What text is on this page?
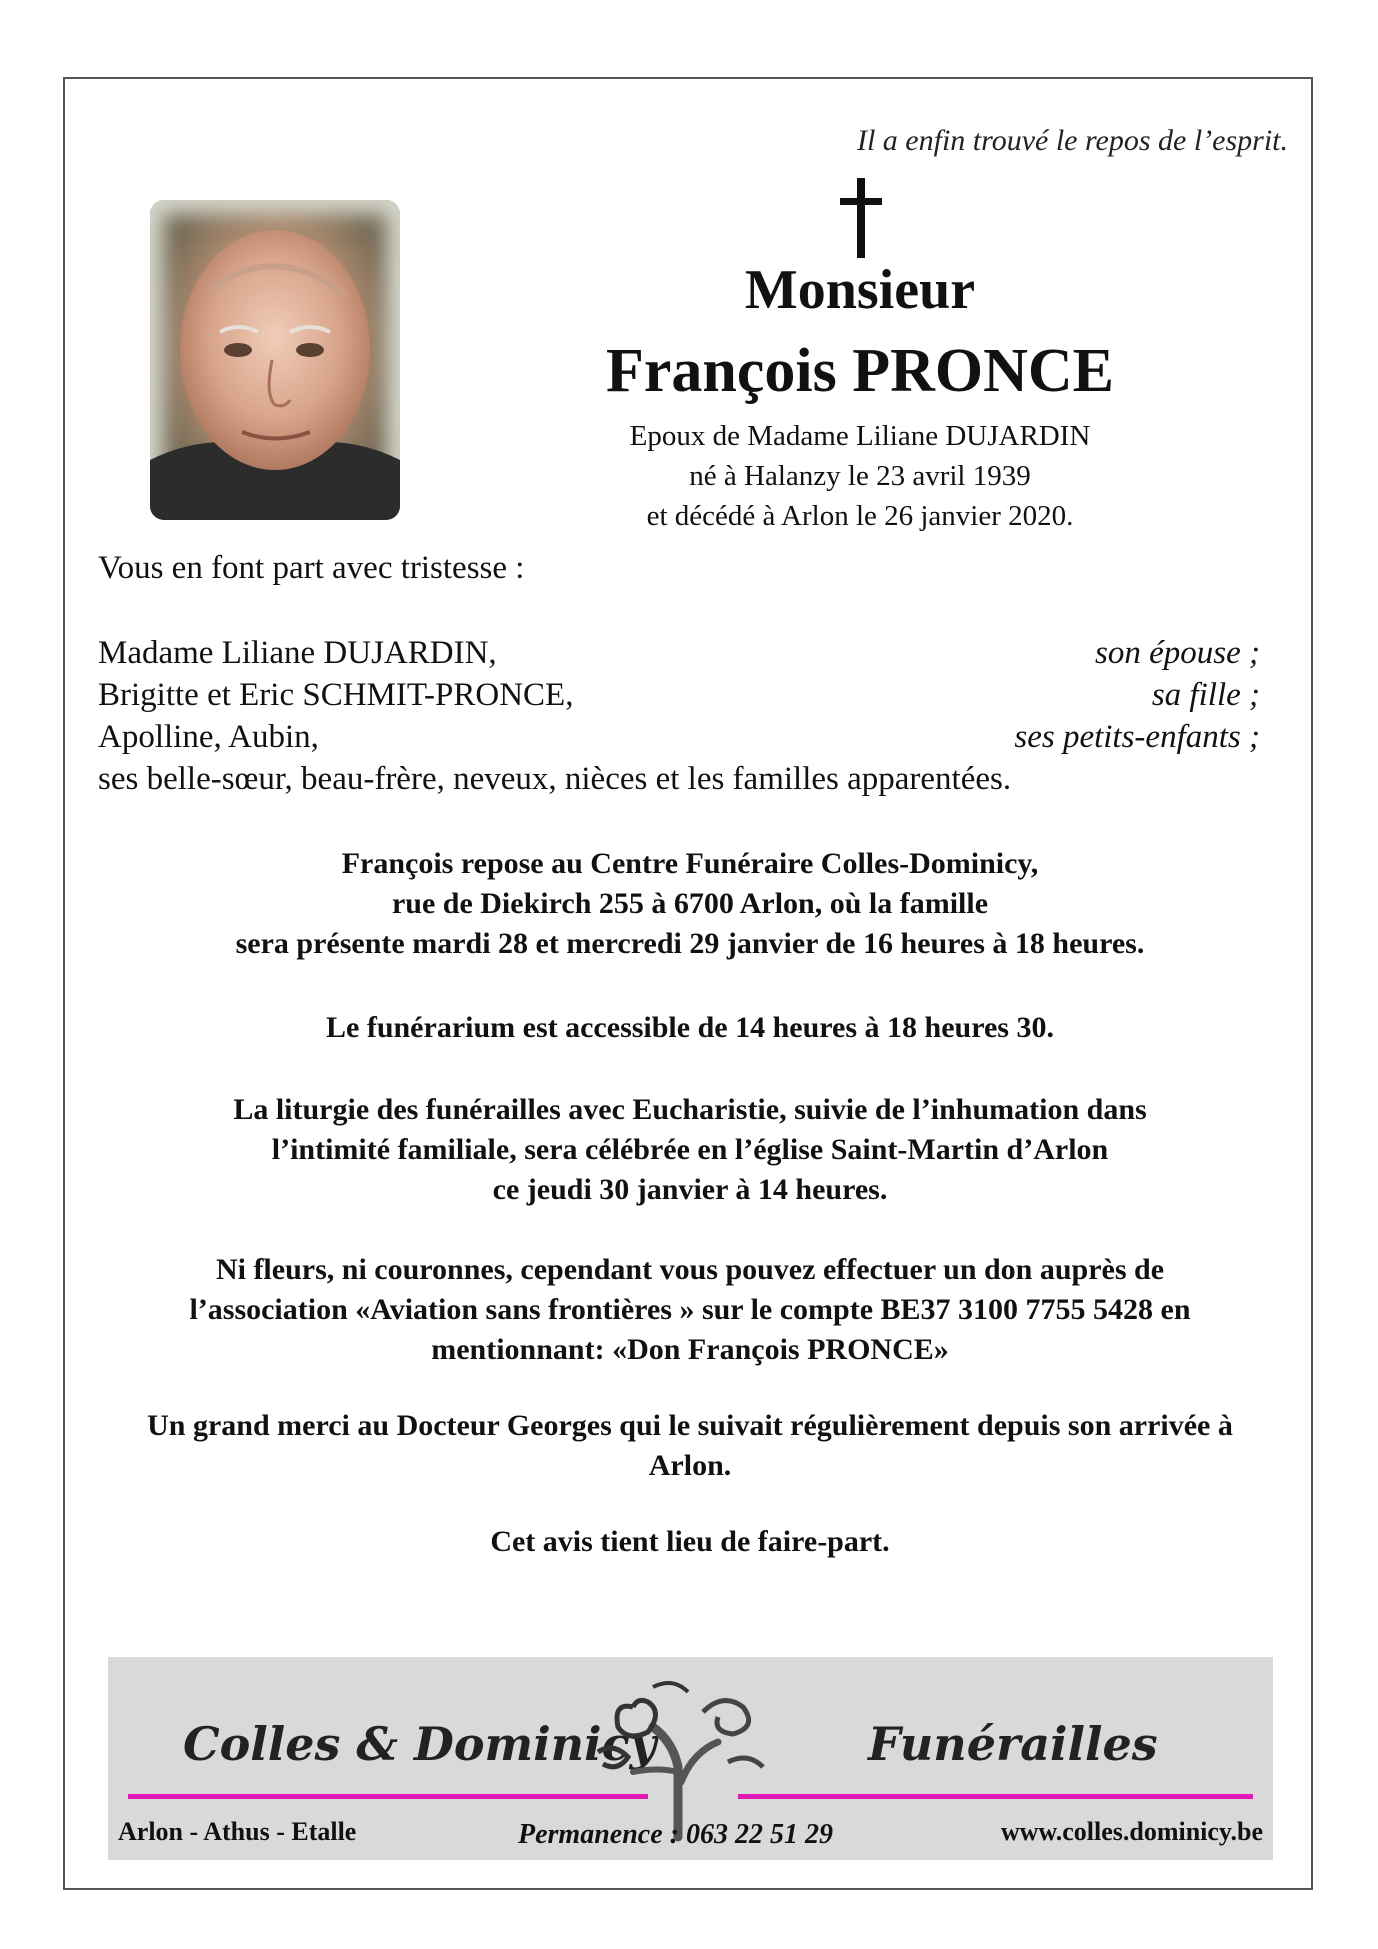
Il a enfin trouvé le repos de l’esprit.
Monsieur
François PRONCE
Epoux de Madame Liliane DUJARDIN
né à Halanzy le 23 avril 1939
et décédé à Arlon le 26 janvier 2020.
Vous en font part avec tristesse :
Madame Liliane DUJARDIN,	son épouse ;
Brigitte et Eric SCHMIT-PRONCE,	sa fille ;
Apolline, Aubin,	ses petits-enfants ;
ses belle-sœur, beau-frère, neveux, nièces et les familles apparentées.
François repose au Centre Funéraire Colles-Dominicy,
rue de Diekirch 255 à 6700 Arlon, où la famille
sera présente mardi 28 et mercredi 29 janvier de 16 heures à 18 heures.
Le funérarium est accessible de 14 heures à 18 heures 30.
La liturgie des funérailles avec Eucharistie, suivie de l’inhumation dans
l’intimité familiale, sera célébrée en l’église Saint-Martin d’Arlon
ce jeudi 30 janvier à 14 heures.
Ni fleurs, ni couronnes, cependant vous pouvez effectuer un don auprès de
l’association «Aviation sans frontières » sur le compte BE37 3100 7755 5428 en
mentionnant: «Don François PRONCE»
Un grand merci au Docteur Georges qui le suivait régulièrement depuis son arrivée à
Arlon.
Cet avis tient lieu de faire-part.
Colles & Dominicy	Funérailles
Arlon - Athus - Etalle	Permanence : 063 22 51 29	www.colles.dominicy.be
